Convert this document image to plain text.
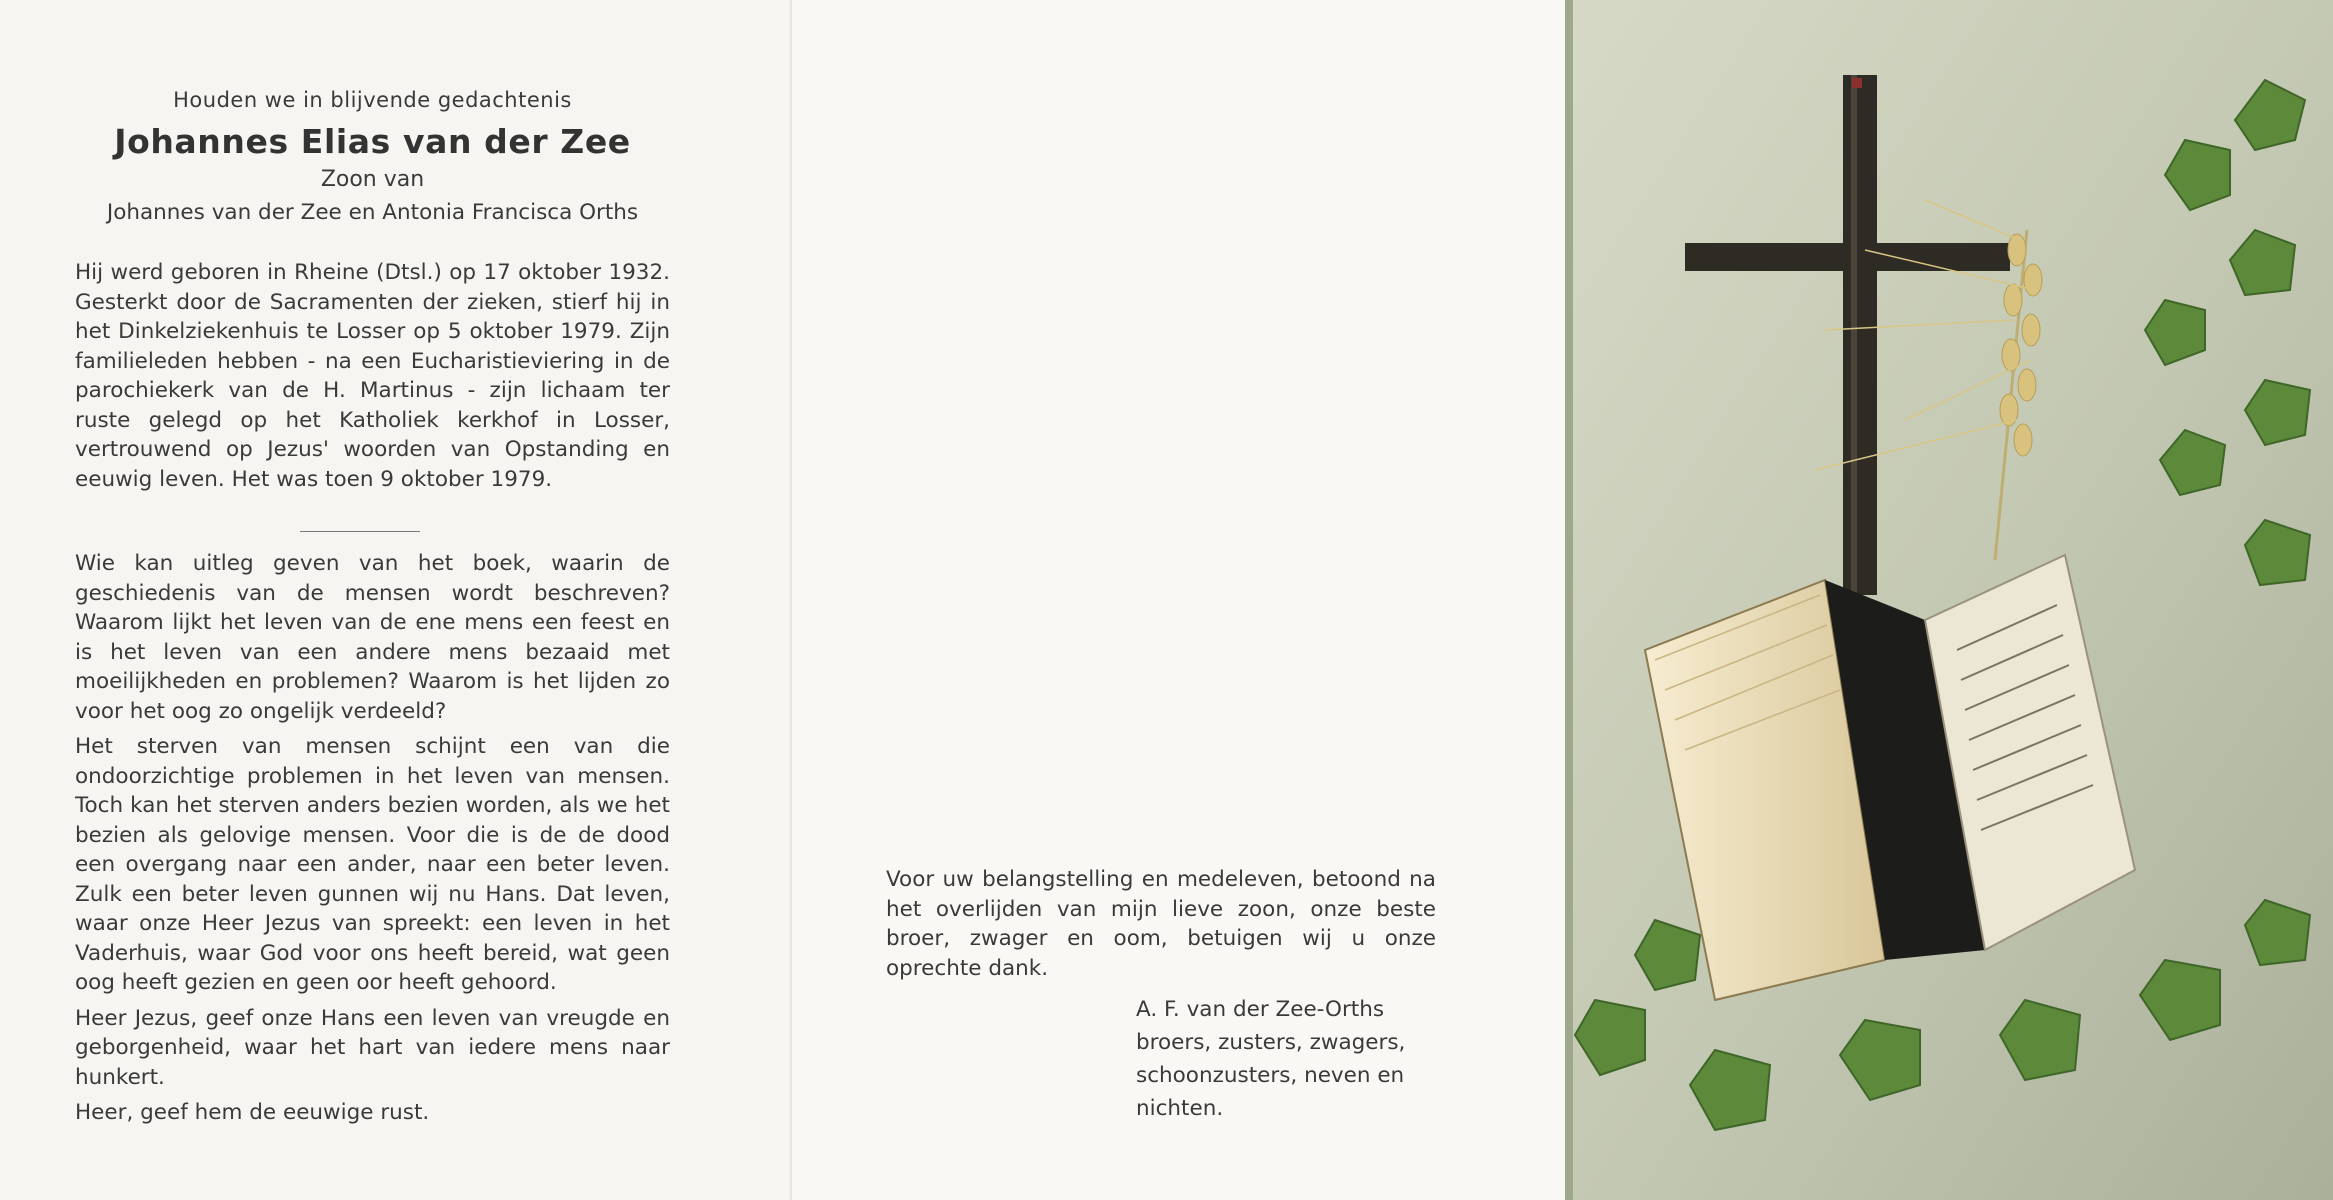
Houden we in blijvende gedachtenis

Johannes Elias van der Zee

Zoon van

Johannes van der Zee en Antonia Francisca Orths

Hij werd geboren in Rheine (Dtsl.) op 17 oktober 1932. Gesterkt door de Sacramenten der zieken, stierf hij in het Dinkelziekenhuis te Losser op 5 oktober 1979. Zijn familieleden hebben - na een Eucharistieviering in de parochiekerk van de H. Martinus - zijn lichaam ter ruste gelegd op het Katholiek kerkhof in Losser, vertrouwend op Jezus' woorden van Opstanding en eeuwig leven. Het was toen 9 oktober 1979.

Wie kan uitleg geven van het boek, waarin de geschiedenis van de mensen wordt beschreven? Waarom lijkt het leven van de ene mens een feest en is het leven van een andere mens bezaaid met moeilijkheden en problemen? Waarom is het lijden zo voor het oog zo ongelijk verdeeld?

Het sterven van mensen schijnt een van die ondoorzichtige problemen in het leven van mensen. Toch kan het sterven anders bezien worden, als we het bezien als gelovige mensen. Voor die is de de dood een overgang naar een ander, naar een beter leven. Zulk een beter leven gunnen wij nu Hans. Dat leven, waar onze Heer Jezus van spreekt: een leven in het Vaderhuis, waar God voor ons heeft bereid, wat geen oog heeft gezien en geen oor heeft gehoord.

Heer Jezus, geef onze Hans een leven van vreugde en geborgenheid, waar het hart van iedere mens naar hunkert.

Heer, geef hem de eeuwige rust.

Voor uw belangstelling en medeleven, betoond na het overlijden van mijn lieve zoon, onze beste broer, zwager en oom, betuigen wij u onze oprechte dank.

A. F. van der Zee-Orths
broers, zusters, zwagers,
schoonzusters, neven en
nichten.
